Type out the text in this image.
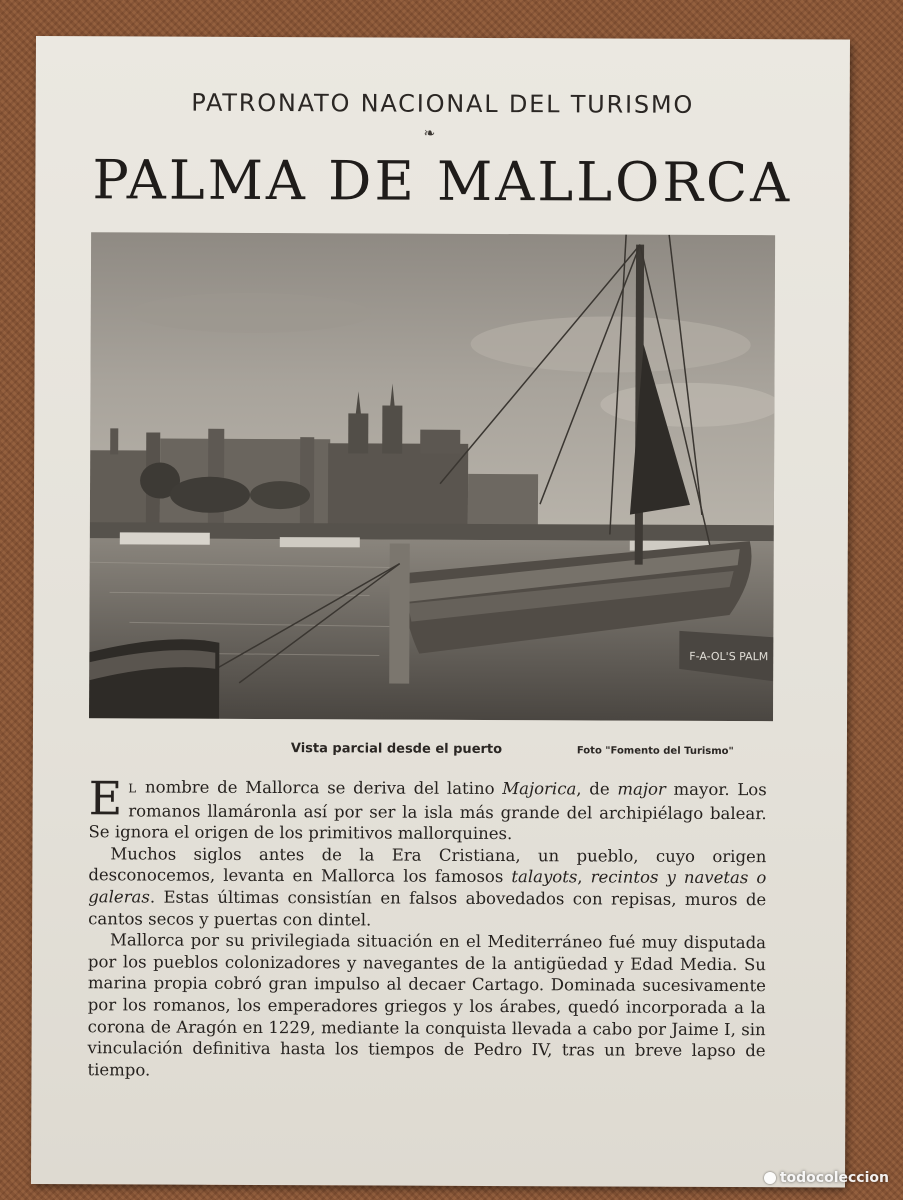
PATRONATO NACIONAL DEL TURISMO
❧
PALMA DE MALLORCA
F-A-OL'S PALM
Vista parcial desde el puerto	Foto "Fomento del Turismo"

E L nombre de Mallorca se deriva del latino Majorica, de major mayor. Los romanos llamáronla así por ser la isla más grande del archipiélago balear. Se ignora el origen de los primitivos mallorquines.

Muchos siglos antes de la Era Cristiana, un pueblo, cuyo origen desconocemos, levanta en Mallorca los famosos talayots, recintos y navetas o galeras. Estas últimas consistían en falsos abovedados con repisas, muros de cantos secos y puertas con dintel.

Mallorca por su privilegiada situación en el Mediterráneo fué muy disputada por los pueblos colonizadores y navegantes de la antigüedad y Edad Media. Su marina propia cobró gran impulso al decaer Cartago. Dominada sucesivamente por los romanos, los emperadores griegos y los árabes, quedó incorporada a la corona de Aragón en 1229, mediante la conquista llevada a cabo por Jaime I, sin vinculación definitiva hasta los tiempos de Pedro IV, tras un breve lapso de tiempo.

todocoleccion
